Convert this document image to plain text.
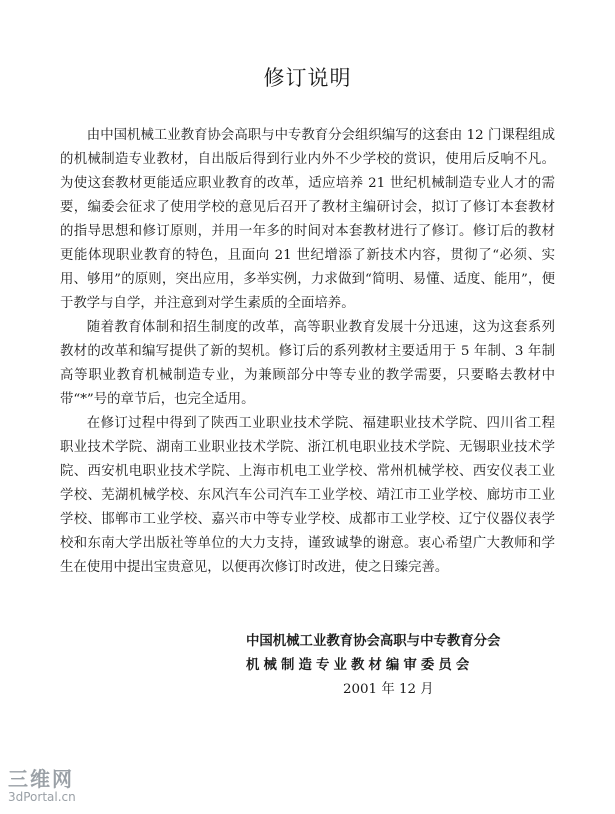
修订说明

由中国机械工业教育协会高职与中专教育分会组织编写的这套由 12 门课程组成的机械制造专业教材，自出版后得到行业内外不少学校的赏识，使用后反响不凡。为使这套教材更能适应职业教育的改革，适应培养 21 世纪机械制造专业人才的需要，编委会征求了使用学校的意见后召开了教材主编研讨会，拟订了修订本套教材的指导思想和修订原则，并用一年多的时间对本套教材进行了修订。修订后的教材更能体现职业教育的特色，且面向 21 世纪增添了新技术内容，贯彻了“必须、实用、够用”的原则，突出应用，多举实例，力求做到“简明、易懂、适度、能用”，便于教学与自学，并注意到对学生素质的全面培养。

随着教育体制和招生制度的改革，高等职业教育发展十分迅速，这为这套系列教材的改革和编写提供了新的契机。修订后的系列教材主要适用于 5 年制、3 年制高等职业教育机械制造专业，为兼顾部分中等专业的教学需要，只要略去教材中带“*”号的章节后，也完全适用。

在修订过程中得到了陕西工业职业技术学院、福建职业技术学院、四川省工程职业技术学院、湖南工业职业技术学院、浙江机电职业技术学院、无锡职业技术学院、西安机电职业技术学院、上海市机电工业学校、常州机械学校、西安仪表工业学校、芜湖机械学校、东风汽车公司汽车工业学校、靖江市工业学校、廊坊市工业学校、邯郸市工业学校、嘉兴市中等专业学校、成都市工业学校、辽宁仪器仪表学校和东南大学出版社等单位的大力支持，谨致诚挚的谢意。衷心希望广大教师和学生在使用中提出宝贵意见，以便再次修订时改进，使之日臻完善。

中国机械工业教育协会高职与中专教育分会
机械制造专业教材编审委员会
2001 年 12 月
三维网
3dPortal.cn
